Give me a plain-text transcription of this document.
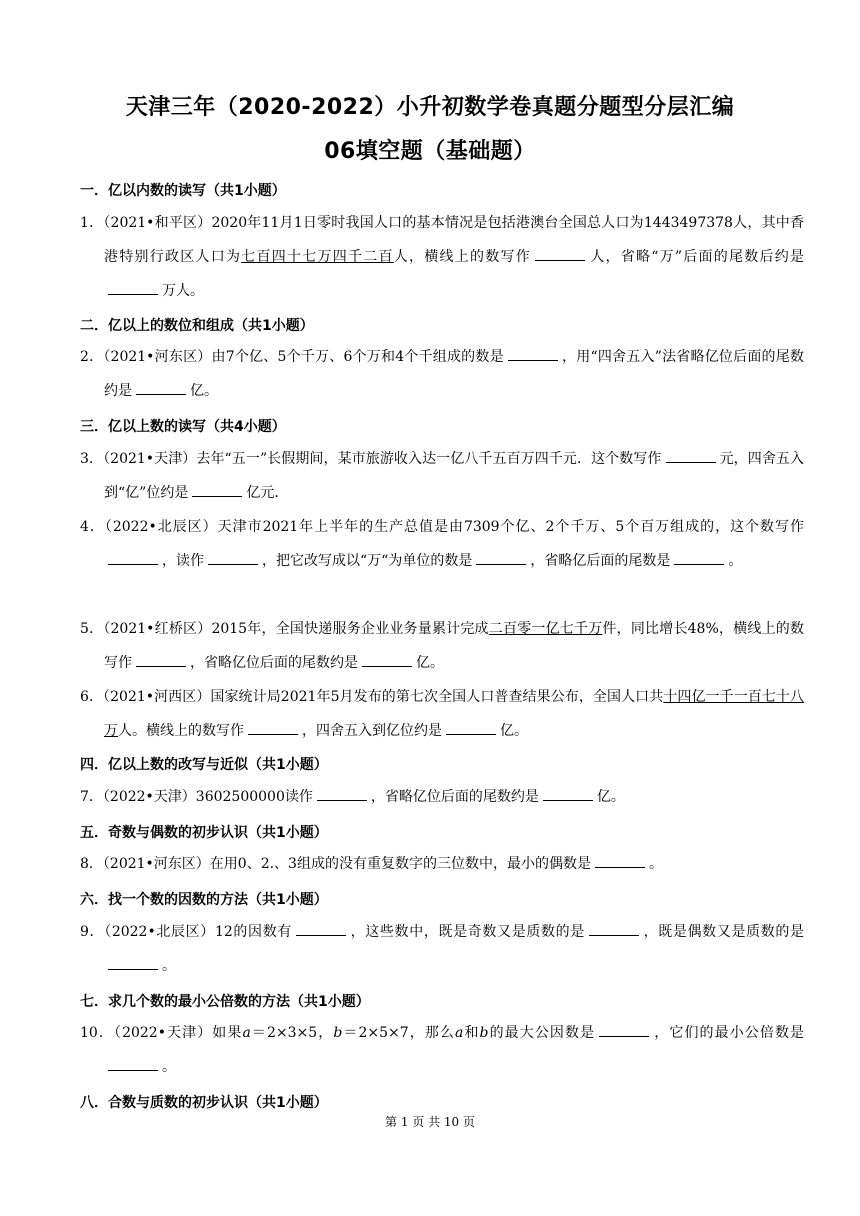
天津三年（2020-2022）小升初数学卷真题分题型分层汇编
06填空题（基础题）
一．亿以内数的读写（共1小题）
1．（2021•和平区）2020年11月1日零时我国人口的基本情况是包括港澳台全国总人口为1443497378人，其中香港特别行政区人口为七百四十七万四千二百人，横线上的数写作	人，省略“万”后面的尾数后约是万人。
二．亿以上的数位和组成（共1小题）
2．（2021•河东区）由7个亿、5个千万、6个万和4个千组成的数是	，用“四舍五入”法省略亿位后面的尾数约是	亿。
三．亿以上数的读写（共4小题）
3．（2021•天津）去年“五一”长假期间，某市旅游收入达一亿八千五百万四千元．这个数写作	元，四舍五入到“亿”位约是	亿元．
4．（2022•北辰区）天津市2021年上半年的生产总值是由7309个亿、2个千万、5个百万组成的，这个数写作，读作	，把它改写成以“万“为单位的数是	，省略亿后面的尾数是	。
5．（2021•红桥区）2015年，全国快递服务企业业务量累计完成二百零一亿七千万件，同比增长48%，横线上的数写作	，省略亿位后面的尾数约是	亿。
6．（2021•河西区）国家统计局2021年5月发布的第七次全国人口普查结果公布，全国人口共十四亿一千一百七十八万人。横线上的数写作	，四舍五入到亿位约是	亿。
四．亿以上数的改写与近似（共1小题）
7．（2022•天津）3602500000读作	，省略亿位后面的尾数约是	亿。
五．奇数与偶数的初步认识（共1小题）
8．（2021•河东区）在用0、2.、3组成的没有重复数字的三位数中，最小的偶数是	。
六．找一个数的因数的方法（共1小题）
9．（2022•北辰区）12的因数有	，这些数中，既是奇数又是质数的是	，既是偶数又是质数的是。
七．求几个数的最小公倍数的方法（共1小题）
10．（2022•天津）如果a＝2×3×5，b＝2×5×7，那么a和b的最大公因数是	，它们的最小公倍数是。
八．合数与质数的初步认识（共1小题）
第 1 页 共 10 页
